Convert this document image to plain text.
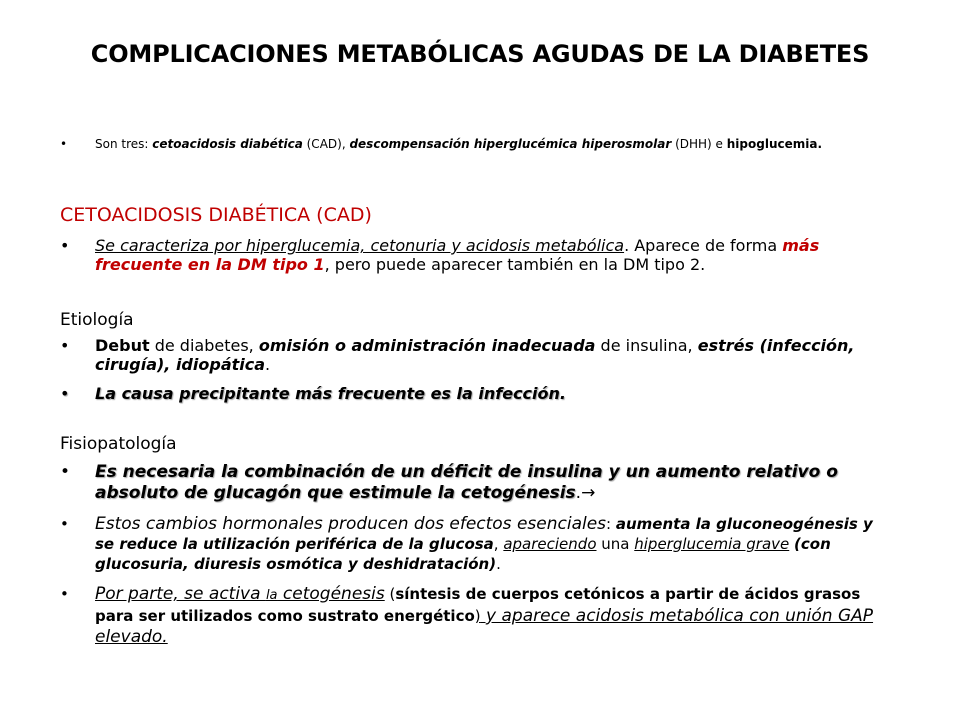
COMPLICACIONES METABÓLICAS AGUDAS DE LA DIABETES
•	Son tres: cetoacidosis diabética (CAD), descompensación hiperglucémica hiperosmolar (DHH) e hipoglucemia.
CETOACIDOSIS DIABÉTICA (CAD)
•	Se caracteriza por hiperglucemia, cetonuria y acidosis metabólica. Aparece de forma más frecuente en la DM tipo 1, pero puede aparecer también en la DM tipo 2.
Etiología
•	Debut de diabetes, omisión o administración inadecuada de insulina, estrés (infección, cirugía), idiopática.
•	La causa precipitante más frecuente es la infección.
Fisiopatología
•	Es necesaria la combinación de un déficit de insulina y un aumento relativo o absoluto de glucagón que estimule la cetogénesis.→
•	Estos cambios hormonales producen dos efectos esenciales: aumenta la gluconeogénesis y se reduce la utilización periférica de la glucosa, apareciendo una hiperglucemia grave (con glucosuria, diuresis osmótica y deshidratación).
•	Por parte, se activa la cetogénesis (síntesis de cuerpos cetónicos a partir de ácidos grasos para ser utilizados como sustrato energético) y aparece acidosis metabólica con unión GAP elevado.
